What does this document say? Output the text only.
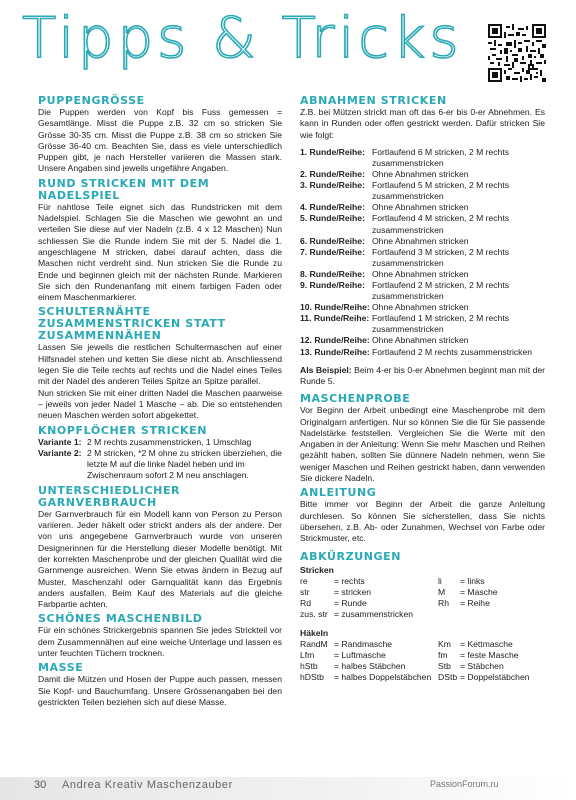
Tipps & Tricks
PUPPENGRÖSSE

Die Puppen werden von Kopf bis Fuss gemessen = Gesamtlänge. Misst die Puppe z.B. 32 cm so stricken Sie Grösse 30-35 cm. Misst die Puppe z.B. 38 cm so stricken Sie Grösse 36-40 cm. Beachten Sie, dass es viele unterschiedlich Puppen gibt, je nach Hersteller variieren die Massen stark. Unsere Angaben sind jeweils ungefähre Angaben.

RUND STRICKEN MIT DEM NADELSPIEL

Für nahtlose Teile eignet sich das Rundstricken mit dem Nadelspiel. Schlagen Sie die Maschen wie gewohnt an und verteilen Sie diese auf vier Nadeln (z.B. 4 x 12 Maschen) Nun schliessen Sie die Runde indem Sie mit der 5. Nadel die 1. angeschlagene M stricken, dabei darauf achten, dass die Maschen nicht verdreht sind. Nun stricken Sie die Runde zu Ende und beginnen gleich mit der nächsten Runde. Markieren Sie sich den Rundenanfang mit einem farbigen Faden oder einem Maschenmarkierer.

SCHULTERNÄHTE ZUSAMMENSTRICKEN STATT ZUSAMMENNÄHEN

Lassen Sie jeweils die restlichen Schultermaschen auf einer Hilfsnadel stehen und ketten Sie diese nicht ab. Anschliessend legen Sie die Teile rechts auf rechts und die Nadel eines Teiles mit der Nadel des anderen Teiles Spitze an Spitze parallel.

Nun stricken Sie mit einer dritten Nadel die Maschen paarweise – jeweils von jeder Nadel 1 Masche – ab. Die so entstehenden neuen Maschen werden sofort abgekettet.

KNOPFLÖCHER STRICKEN
Variante 1: 2 M rechts zusammenstricken, 1 Umschlag
Variante 2: 2 M stricken, *2 M ohne zu stricken überziehen, die letzte M auf die linke Nadel heben und im Zwischenraum sofort 2 M neu anschlagen.
UNTERSCHIEDLICHER GARNVERBRAUCH

Der Garnverbrauch für ein Modell kann von Person zu Person variieren. Jeder häkelt oder strickt anders als der andere. Der von uns angegebene Garnverbrauch wurde von unseren Designerinnen für die Herstellung dieser Modelle benötigt. Mit der korrekten Maschenprobe und der gleichen Qualität wird die Garnmenge ausreichen. Wenn Sie etwas ändern in Bezug auf Muster, Maschenzahl oder Garnqualität kann das Ergebnis anders ausfallen. Beim Kauf des Materials auf die gleiche Farbpartie achten.

SCHÖNES MASCHENBILD

Für ein schönes Strickergebnis spannen Sie jedes Strickteil vor dem Zusammennähen auf eine weiche Unterlage und lassen es unter feuchten Tüchern trocknen.

MASSE

Damit die Mützen und Hosen der Puppe auch passen, messen Sie Kopf- und Bauchumfang. Unsere Grössenangaben bei den gestrickten Teilen beziehen sich auf diese Masse.

ABNAHMEN STRICKEN

Z.B. bei Mützen strickt man oft das 6-er bis 0-er Abnehmen. Es kann in Runden oder offen gestrickt werden. Dafür stricken Sie wie folgt:

1. Runde/Reihe: Fortlaufend 6 M stricken, 2 M rechts zusammenstricken
2. Runde/Reihe: Ohne Abnahmen stricken
3. Runde/Reihe: Fortlaufend 5 M stricken, 2 M rechts zusammenstricken
4. Runde/Reihe: Ohne Abnahmen stricken
5. Runde/Reihe: Fortlaufend 4 M stricken, 2 M rechts zusammenstricken
6. Runde/Reihe: Ohne Abnahmen stricken
7. Runde/Reihe: Fortlaufend 3 M stricken, 2 M rechts zusammenstricken
8. Runde/Reihe: Ohne Abnahmen stricken
9. Runde/Reihe: Fortlaufend 2 M stricken, 2 M rechts zusammenstricken
10. Runde/Reihe: Ohne Abnahmen stricken
11. Runde/Reihe: Fortlaufend 1 M stricken, 2 M rechts zusammenstricken
12. Runde/Reihe: Ohne Abnahmen stricken
13. Runde/Reihe: Fortlaufend 2 M rechts zusammenstricken

Als Beispiel: Beim 4-er bis 0-er Abnehmen beginnt man mit der Runde 5.

MASCHENPROBE

Vor Beginn der Arbeit unbedingt eine Maschenprobe mit dem Originalgarn anfertigen. Nur so können Sie die für Sie passende Nadelstärke feststellen. Vergleichen Sie die Werte mit den Angaben in der Anleitung: Wenn Sie mehr Maschen und Reihen gezählt haben, sollten Sie dünnere Nadeln nehmen, wenn Sie weniger Maschen und Reihen gestrickt haben, dann verwenden Sie dickere Nadeln.

ANLEITUNG

Bitte immer vor Beginn der Arbeit die ganze Anleitung durchlesen. So können Sie sicherstellen, dass Sie nichts übersehen, z.B. Ab- oder Zunahmen, Wechsel von Farbe oder Strickmuster, etc.

ABKÜRZUNGEN
Stricken
re	= rechts	li	= links
str	= stricken	M	= Masche
Rd	= Runde	Rh	= Reihe
zus. str = zusammenstricken
Häkeln
RandM = Randmasche	Km	= Kettmasche
Lfm	= Luftmasche	fm	= feste Masche
hStb	= halbes Stäbchen	Stb	= Stäbchen
hDStb	= halbes Doppelstäbchen DStb = Doppelstäbchen
30 Andrea Kreativ Maschenzauber	PassionForum.ru
